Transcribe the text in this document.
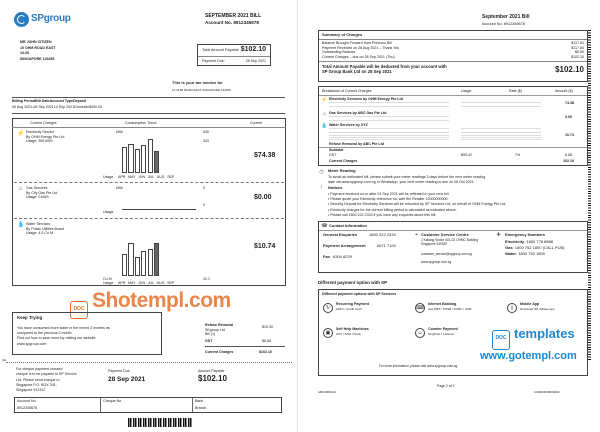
SPgroup	SEPTEMBER 2021 BILL
Account No. 8912345678
MR JOHN CITIZEN
10 OHM ROAD EAST
10-00
SINGAPORE 123456
Total Amount Payable $102.10
Payment Due:	28 Sep 2021
This is your tax invoice for
10 OHM ROAD EAST SINGAPORE 123456
Billing Period Bill Date Account Type Deposit
06 Aug 2021-06 Sep 2021 14 Sep 2021 Domestic $250.00
Current Charges	Consumption Trend	Current
⚡ Electricity Service
By OHM Energy Pte Ltd
Usage: 359 kWh
kWh	540
343
Usage APR MAY JUN JUL AUG SEP
$74.38
♨ Gas Services
By City Gas Pte Ltd
Usage: 0 kWh
kWh	0
0
Usage
$0.00
💧 Water Services
By Public Utilities Board
Usage: 4.5 Cu M
Cu M	12.1
Usage APR MAY JUN JUL AUG SEP
$10.74
DOC Shotempl.com
Keep Trying
You have consumed more water in the recent 2 months as
compared to the previous 2 month.
Find out how to save more by visiting our website
www.spgroup.com
Refuse Removal
SEgroup Ltd
Bill (1)
$10.30
GST	$6.68
Current Charges	$102.10
✂
For cheque payment crossed
cheque is to be payable to SP Service
Ltd. Please send cheque to
Singapore P.O. BOX 341,
Singapore 912312
Payment Due
28 Sep 2021
Amount Payable
$102.10
Account No
8912345678
Cheque No	Bank
Branch
September 2021 Bill
Account No. 8912345678
Summary of Charges
Balance Brought Forward from Previous Bill	$117.84
Payment Received on 28 Aug 2021 – Thank You	$117.84
Outstanding Balance	$0.00
Current Charges – due on 28 Sep 2021 (Thu)	$102.10
Total Amount Payable will be deducted from your account with
SP Group Bank Ltd on 28 Sep 2021	$102.10
Breakdown of Current Charges	Usage	Rate ($)	Amount ($)
⚡ Electricity Services by OHM Energy Pte Ltd
74.38
♨ Gas Services by ABC Gas Pte Ltd
0.00
💧 Water Services by XYZ
10.74
Refuse Removal by ABC Pte Ltd
Subtotal
GST	$95.42	7%	6.68
Current Charges	102.10
◷	Meter Reading
To avoid an estimated bill, please submit your meter readings 3 days before the next meter reading
date via www.spgroup.com.sg or WhatsApp, your next meter reading is due on 06 Oct 2021.
!	Notices
• Payment received on or after 01 Sep 2021 will be reflected in your next bill.
• Please quote your Electricity reference no. with the Retailer 12000000000.
• Security Deposit for Electricity Services will be refunded by SP Services Ltd, on behalf of OHM Energy Pte Ltd.
• Electricity charges for the current billing period is calculated as indicated above.
• Please call 1800 222 2333 if you have any enquiries about this bill.
Contact Information
☎
General Enquiries	1800 222 2333
Payment Arrangement	6671 7100
Fax 6304 8229
⌖ Customer Service Centre
2 Kallang Sector #01-02 OHMC Building
Singapore 349329
customer_service@spgroup.com.sg
www.spgroup.com.sg
✚	Emergency Numbers
Electricity: 1800 778 8888
Gas: 1800 752 1800 (CALL PUB)
Water: 1800 752 1800
Different payment option with SP
Different payment options with SP Services
↻
Recurring Payment
GIRO / Credit Card	⌨
Internet Banking
Use DBS / POSB / OCBC / UOB	▯
Mobile App
Download SP Utilities app
▣
Self Help Machines
AXS / SAM / Kiosk	☺
Counter Payment
SingPost / 7-Eleven
For more information, please visit www.spgroup.com.sg
DOC templates
www.gotempl.com
Page 2 of 2
ABC0908120	C00000000000000
